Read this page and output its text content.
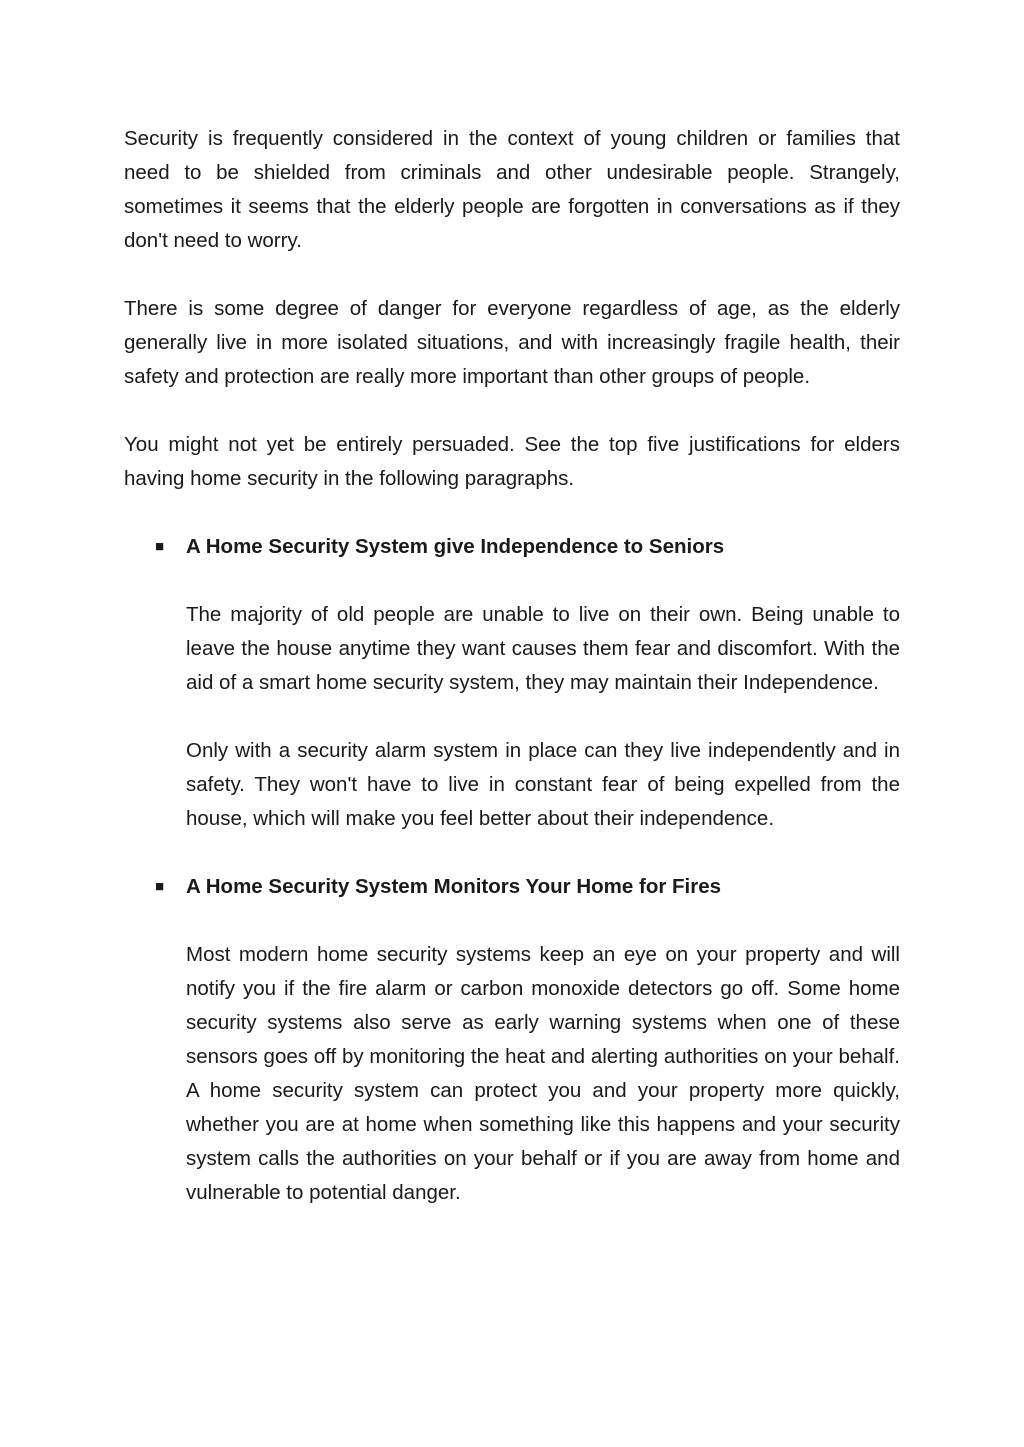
Security is frequently considered in the context of young children or families that need to be shielded from criminals and other undesirable people. Strangely, sometimes it seems that the elderly people are forgotten in conversations as if they don't need to worry.

There is some degree of danger for everyone regardless of age, as the elderly generally live in more isolated situations, and with increasingly fragile health, their safety and protection are really more important than other groups of people.

You might not yet be entirely persuaded. See the top five justifications for elders having home security in the following paragraphs.

■ A Home Security System give Independence to Seniors

The majority of old people are unable to live on their own. Being unable to leave the house anytime they want causes them fear and discomfort. With the aid of a smart home security system, they may maintain their Independence.

Only with a security alarm system in place can they live independently and in safety. They won't have to live in constant fear of being expelled from the house, which will make you feel better about their independence.

■ A Home Security System Monitors Your Home for Fires

Most modern home security systems keep an eye on your property and will notify you if the fire alarm or carbon monoxide detectors go off. Some home security systems also serve as early warning systems when one of these sensors goes off by monitoring the heat and alerting authorities on your behalf. A home security system can protect you and your property more quickly, whether you are at home when something like this happens and your security system calls the authorities on your behalf or if you are away from home and vulnerable to potential danger.
